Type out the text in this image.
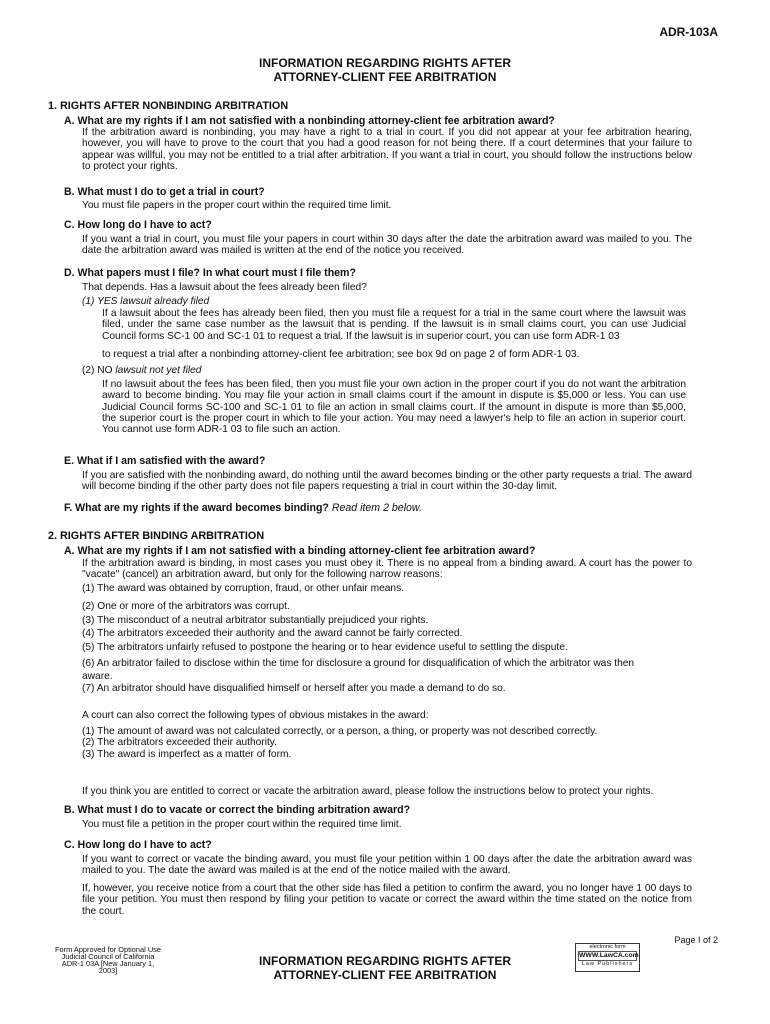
ADR-103A
INFORMATION REGARDING RIGHTS AFTER
ATTORNEY-CLIENT FEE ARBITRATION
1. RIGHTS AFTER NONBINDING ARBITRATION
A. What are my rights if I am not satisfied with a nonbinding attorney-client fee arbitration award?
If the arbitration award is nonbinding, you may have a right to a trial in court. If you did not appear at your fee arbitration hearing, however, you will have to prove to the court that you had a good reason for not being there. If a court determines that your failure to appear was willful, you may not be entitled to a trial after arbitration. If you want a trial in court, you should follow the instructions below to protect your rights.
B. What must I do to get a trial in court?
You must file papers in the proper court within the required time limit.
C. How long do I have to act?
If you want a trial in court, you must file your papers in court within 30 days after the date the arbitration award was mailed to you. The date the arbitration award was mailed is written at the end of the notice you received.
D. What papers must I file? In what court must I file them?
That depends. Has a lawsuit about the fees already been filed?
(1) YES lawsuit already filed
If a lawsuit about the fees has already been filed, then you must file a request for a trial in the same court where the lawsuit was filed, under the same case number as the lawsuit that is pending. If the lawsuit is in small claims court, you can use Judicial Council forms SC-1 00 and SC-1 01 to request a trial. If the lawsuit is in superior court, you can use form ADR-1 03
to request a trial after a nonbinding attorney-client fee arbitration; see box 9d on page 2 of form ADR-1 03.
(2) NO lawsuit not yet filed
If no lawsuit about the fees has been filed, then you must file your own action in the proper court if you do not want the arbitration award to become binding. You may file your action in small claims court if the amount in dispute is $5,000 or less. You can use Judicial Council forms SC-100 and SC-1 01 to file an action in small claims court. If the amount in dispute is more than $5,000, the superior court is the proper court in which to file your action. You may need a lawyer's help to file an action in superior court. You cannot use form ADR-1 03 to file such an action.
E. What if I am satisfied with the award?
If you are satisfied with the nonbinding award, do nothing until the award becomes binding or the other party requests a trial. The award will become binding if the other party does not file papers requesting a trial in court within the 30-day limit.
F. What are my rights if the award becomes binding? Read item 2 below.
2. RIGHTS AFTER BINDING ARBITRATION
A. What are my rights if I am not satisfied with a binding attorney-client fee arbitration award?
If the arbitration award is binding, in most cases you must obey it. There is no appeal from a binding award. A court has the power to "vacate" (cancel) an arbitration award, but only for the following narrow reasons:
(1) The award was obtained by corruption, fraud, or other unfair means.
(2) One or more of the arbitrators was corrupt.
(3) The misconduct of a neutral arbitrator substantially prejudiced your rights.
(4) The arbitrators exceeded their authority and the award cannot be fairly corrected.
(5) The arbitrators unfairly refused to postpone the hearing or to hear evidence useful to settling the dispute.
(6) An arbitrator failed to disclose within the time for disclosure a ground for disqualification of which the arbitrator was then aware.
(7) An arbitrator should have disqualified himself or herself after you made a demand to do so.
A court can also correct the following types of obvious mistakes in the award:
(1) The amount of award was not calculated correctly, or a person, a thing, or property was not described correctly.
(2) The arbitrators exceeded their authority.
(3) The award is imperfect as a matter of form.
If you think you are entitled to correct or vacate the arbitration award, please follow the instructions below to protect your rights.
B. What must I do to vacate or correct the binding arbitration award?
You must file a petition in the proper court within the required time limit.
C. How long do I have to act?
If you want to correct or vacate the binding award, you must file your petition within 1 00 days after the date the arbitration award was mailed to you. The date the award was mailed is at the end of the notice mailed with the award.
If, however, you receive notice from a court that the other side has filed a petition to confirm the award, you no longer have 1 00 days to file your petition. You must then respond by filing your petition to vacate or correct the award within the time stated on the notice from the court.
Page I of 2
Form Approved for Optional Use
Judicial Council of California
ADR-1 03A [New January 1, 2003]
INFORMATION REGARDING RIGHTS AFTER
ATTORNEY-CLIENT FEE ARBITRATION
electronic form
WWW.LawCA.com
Law Publishers
